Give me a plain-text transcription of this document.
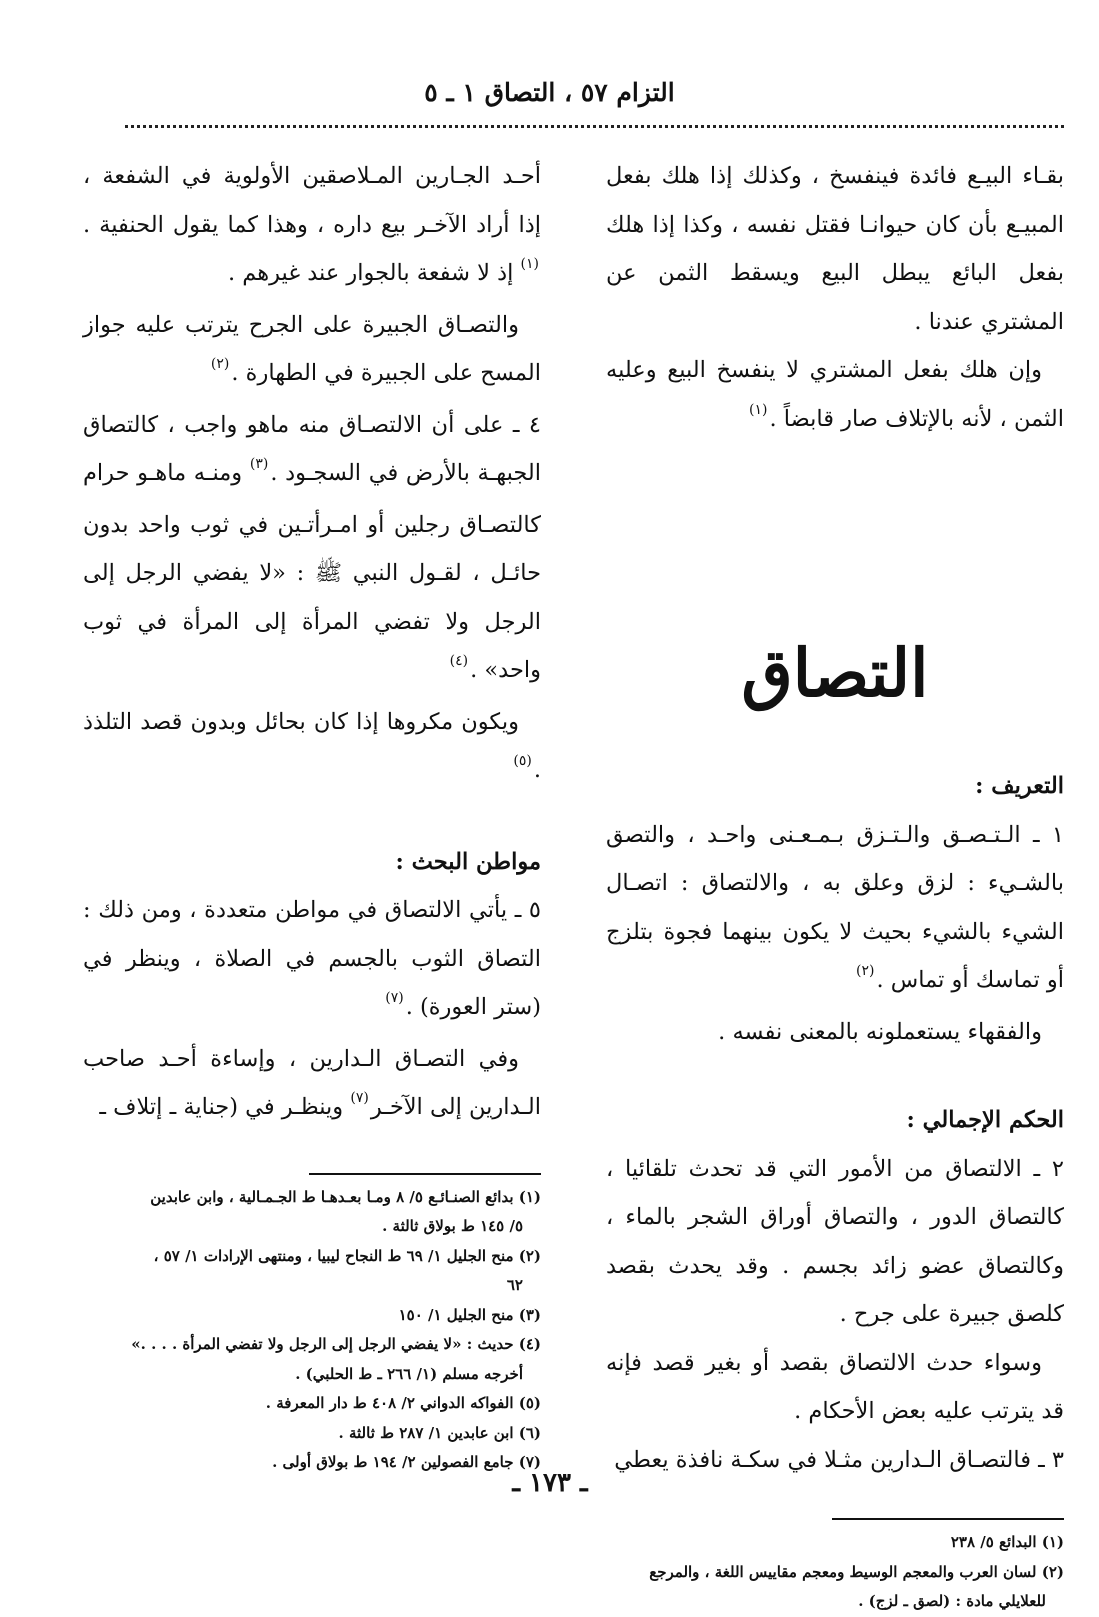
التزام ٥٧ ، التصاق ١ ـ ٥

بقـاء البيـع فائدة فينفسخ ، وكذلك إذا هلك بفعل المبيـع بأن كان حيوانـا فقتل نفسه ، وكذا إذا هلك بفعل البائع يبطل البيع ويسقط الثمن عن المشتري عندنا .

وإن هلك بفعل المشتري لا ينفسخ البيع وعليه الثمن ، لأنه بالإتلاف صار قابضاً .$^{(١)}$

التصاق

التعريف :

١ ـ الـتـصـق والـتـزق بـمـعـنى واحـد ، والتصق بالشـيء : لزق وعلق به ، والالتصاق : اتصـال الشيء بالشيء بحيث لا يكون بينهما فجوة بتلزج أو تماسك أو تماس .$^{(٢)}$

والفقهاء يستعملونه بالمعنى نفسه .

الحكم الإجمالي :

٢ ـ الالتصاق من الأمور التي قد تحدث تلقائيا ، كالتصاق الدور ، والتصاق أوراق الشجر بالماء ، وكالتصاق عضو زائد بجسم . وقد يحدث بقصد كلصق جبيرة على جرح .

وسواء حدث الالتصاق بقصد أو بغير قصد فإنه قد يترتب عليه بعض الأحكام .

٣ ـ فالتصـاق الـدارين مثـلا في سكـة نافذة يعطي

(١) البدائع ٥/ ٢٣٨

(٢) لسان العرب والمعجم الوسيط ومعجم مقاييس اللغة ، والمرجع
للعلايلي مادة : (لصق ـ لزج) .

أحـد الجـارين المـلاصقين الأولوية في الشفعة ، إذا أراد الآخـر بيع داره ، وهذا كما يقول الحنفية .$^{(١)}$ إذ لا شفعة بالجوار عند غيرهم .

والتصـاق الجبيرة على الجرح يترتب عليه جواز المسح على الجبيرة في الطهارة .$^{(٢)}$

٤ ـ على أن الالتصـاق منه ماهو واجب ، كالتصاق الجبهـة بالأرض في السجـود .$^{(٣)}$ ومنـه ماهـو حرام كالتصـاق رجلين أو امـرأتـين في ثوب واحد بدون حائـل ، لقـول النبي ﷺ : «لا يفضي الرجل إلى الرجل ولا تفضي المرأة إلى المرأة في ثوب واحد» .$^{(٤)}$

ويكون مكروها إذا كان بحائل وبدون قصد التلذذ .$^{(٥)}$

مواطن البحث :

٥ ـ يأتي الالتصاق في مواطن متعددة ، ومن ذلك : التصاق الثوب بالجسم في الصلاة ، وينظر في (ستر العورة) .$^{(٧)}$

وفي التصـاق الـدارين ، وإساءة أحـد صاحب الـدارين إلى الآخـر$^{(٧)}$ وينظـر في (جناية ـ إتلاف ـ

(١) بدائع الصنـائـع ٥/ ٨ ومـا بعـدهـا ط الجـمـالية ، وابن عابدين
٥/ ١٤٥ ط بولاق ثالثة .

(٢) منح الجليل ١/ ٦٩ ط النجاح ليبيا ، ومنتهى الإرادات ١/ ٥٧ ،
٦٢

(٣) منح الجليل ١/ ١٥٠

(٤) حديث : «لا يفضي الرجل إلى الرجل ولا تفضي المرأة . . . .»
أخرجه مسلم (١/ ٢٦٦ ـ ط الحلبي) .

(٥) الفواكه الدواني ٢/ ٤٠٨ ط دار المعرفة .

(٦) ابن عابدين ١/ ٢٨٧ ط ثالثة .

(٧) جامع الفصولين ٢/ ١٩٤ ط بولاق أولى .

ـ ١٧٣ ـ
